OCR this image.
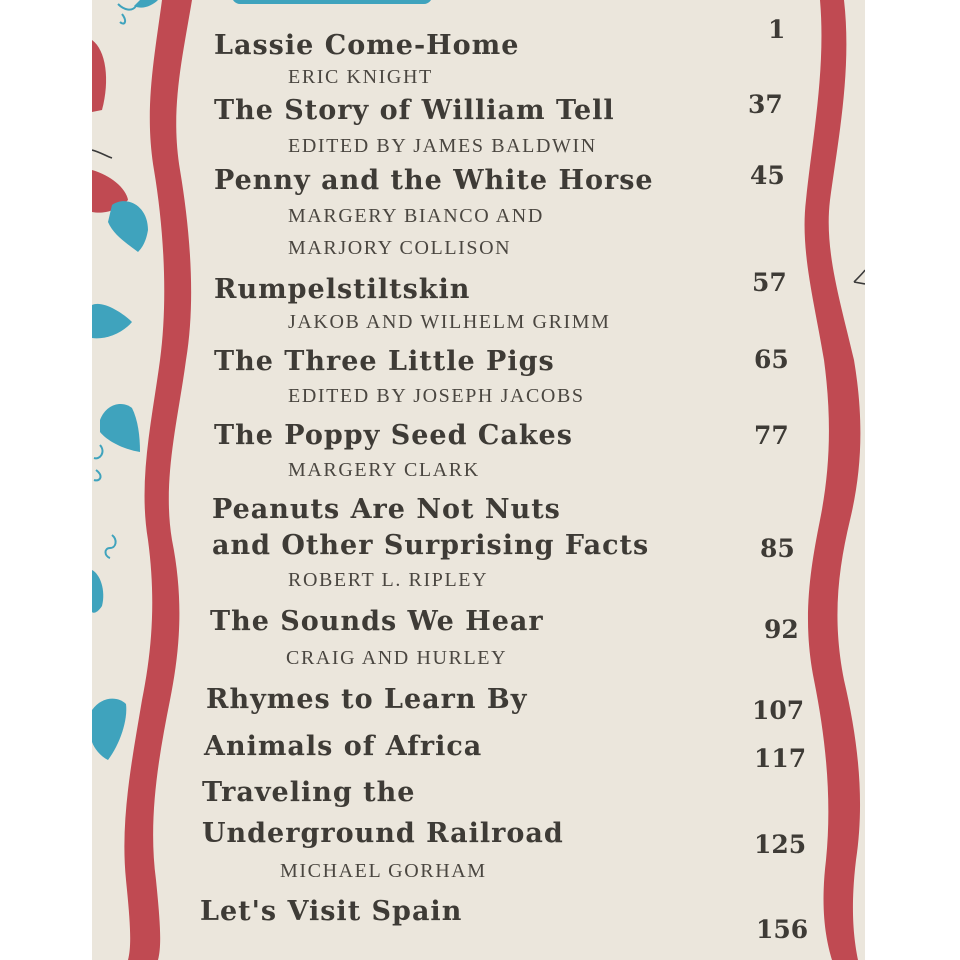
Lassie Come-Home
ERIC KNIGHT
1
The Story of William Tell
EDITED BY JAMES BALDWIN
37
Penny and the White Horse
MARGERY BIANCO AND
MARJORY COLLISON
45
Rumpelstiltskin
JAKOB AND WILHELM GRIMM
57
The Three Little Pigs
EDITED BY JOSEPH JACOBS
65
The Poppy Seed Cakes
MARGERY CLARK
77
Peanuts Are Not Nuts
and Other Surprising Facts
ROBERT L. RIPLEY
85
The Sounds We Hear
CRAIG AND HURLEY
92
Rhymes to Learn By	107
Animals of Africa	117
Traveling the
Underground Railroad
MICHAEL GORHAM
125
Let's Visit Spain
156
